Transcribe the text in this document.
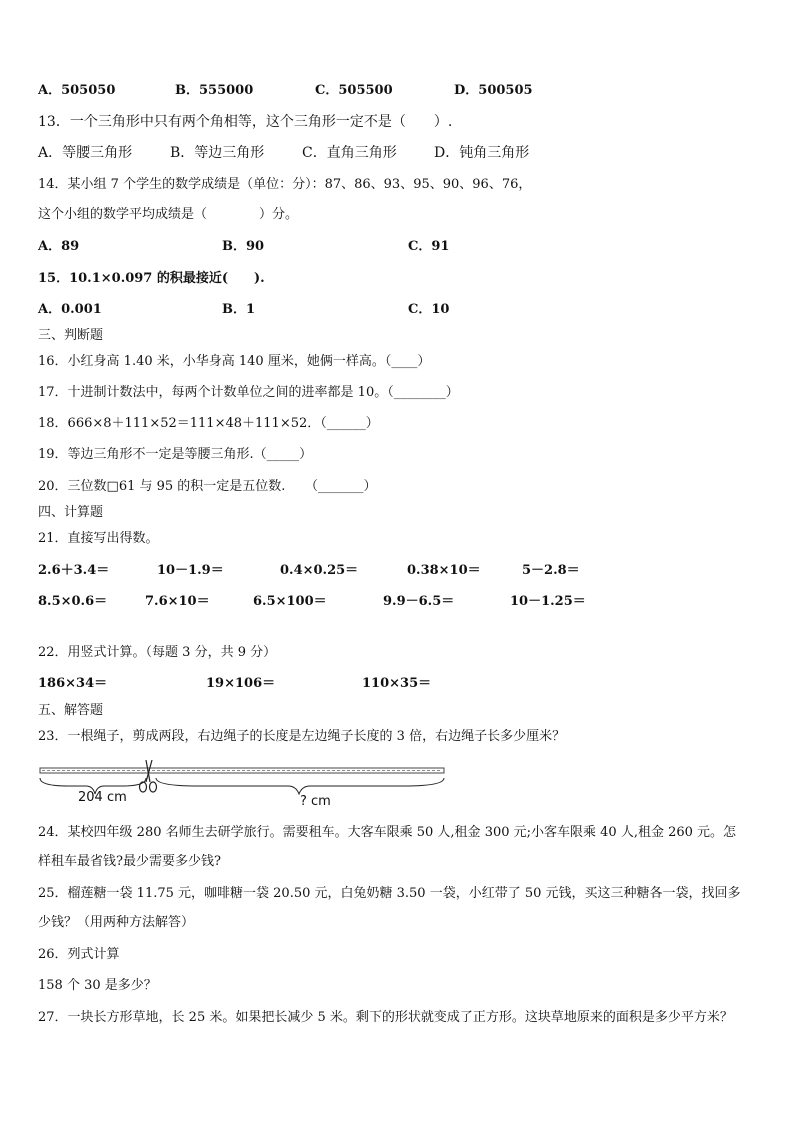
A．505050	B．555000	C．505500	D．500505
13．一个三角形中只有两个角相等，这个三角形一定不是（　　）.
A．等腰三角形	B．等边三角形	C．直角三角形	D．钝角三角形
14．某小组 7 个学生的数学成绩是（单位：分）：87、86、93、95、90、96、76，
这个小组的数学平均成绩是（　　　　）分。
A．89	B．90	C．91
15．10.1×0.097 的积最接近(　　).
A．0.001	B．1	C．10
三、判断题
16．小红身高 1.40 米，小华身高 140 厘米，她俩一样高。（____）
17．十进制计数法中，每两个计数单位之间的进率都是 10。（________）
18．666×8＋111×52＝111×48＋111×52．（______）
19．等边三角形不一定是等腰三角形.（_____）
20．三位数□61 与 95 的积一定是五位数.　　（_______）
四、计算题
21．直接写出得数。
2.6＋3.4＝	10－1.9＝	0.4×0.25＝	0.38×10＝	5－2.8＝
8.5×0.6＝	7.6×10＝	6.5×100＝	9.9－6.5＝	10－1.25＝
22．用竖式计算。（每题 3 分，共 9 分）
186×34＝	19×106＝	110×35＝
五、解答题
23．一根绳子，剪成两段，右边绳子的长度是左边绳子长度的 3 倍，右边绳子长多少厘米？
204 cm	? cm
24．某校四年级 280 名师生去研学旅行。需要租车。大客车限乘 50 人,租金 300 元;小客车限乘 40 人,租金 260 元。怎
样租车最省钱?最少需要多少钱?
25．榴莲糖一袋 11.75 元，咖啡糖一袋 20.50 元，白兔奶糖 3.50 一袋，小红带了 50 元钱，买这三种糖各一袋，找回多
少钱？（用两种方法解答）
26．列式计算
158 个 30 是多少？
27．一块长方形草地，长 25 米。如果把长减少 5 米。剩下的形状就变成了正方形。这块草地原来的面积是多少平方米？
